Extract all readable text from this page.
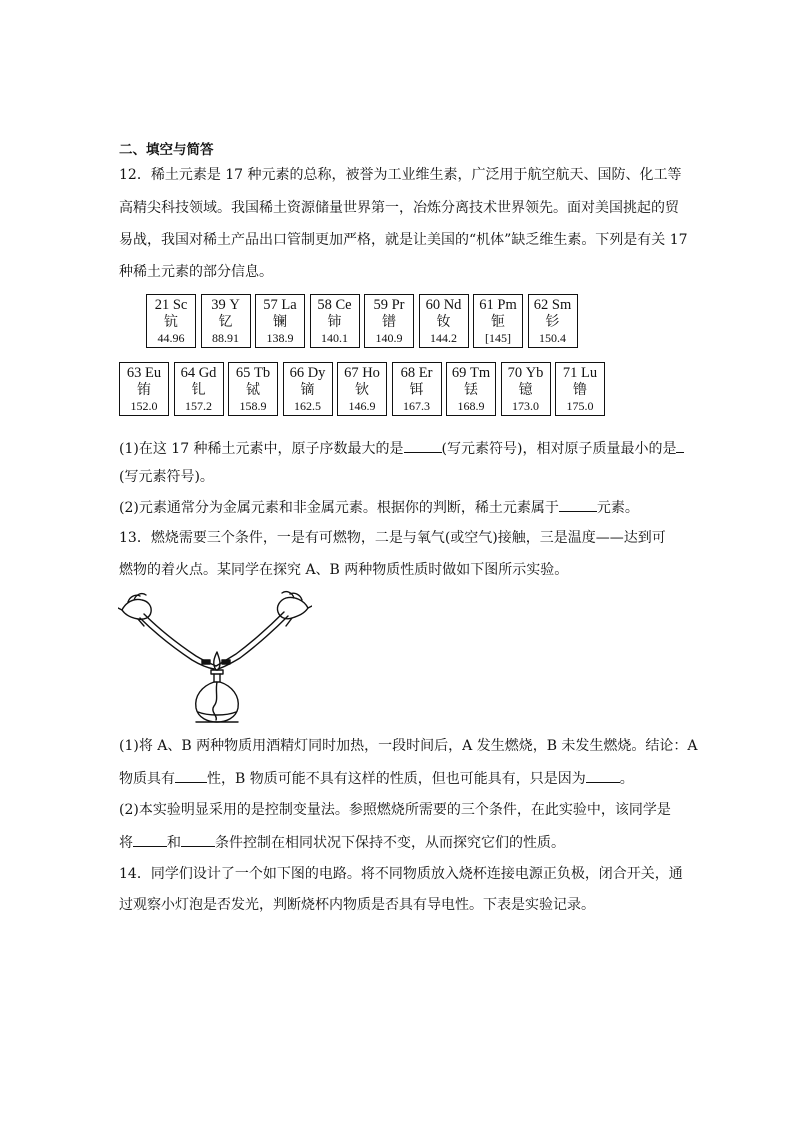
二、填空与简答
12．稀土元素是 17 种元素的总称，被誉为工业维生素，广泛用于航空航天、国防、化工等
高精尖科技领域。我国稀土资源储量世界第一，冶炼分离技术世界领先。面对美国挑起的贸
易战，我国对稀土产品出口管制更加严格，就是让美国的“机体”缺乏维生素。下列是有关 17
种稀土元素的部分信息。
21 Sc
钪
44.96
39 Y
钇
88.91
57 La
镧
138.9
58 Ce
铈
140.1
59 Pr
镨
140.9
60 Nd
钕
144.2
61 Pm
钷
[145]
62 Sm
钐
150.4
63 Eu
铕
152.0
64 Gd
钆
157.2
65 Tb
铽
158.9
66 Dy
镝
162.5
67 Ho
钬
146.9
68 Er
铒
167.3
69 Tm
铥
168.9
70 Yb
镱
173.0
71 Lu
镥
175.0
(1)在这 17 种稀土元素中，原子序数最大的是	(写元素符号)，相对原子质量最小的是
(写元素符号)。
(2)元素通常分为金属元素和非金属元素。根据你的判断，稀土元素属于	元素。
13．燃烧需要三个条件，一是有可燃物，二是与氧气(或空气)接触，三是温度——达到可
燃物的着火点。某同学在探究 A、B 两种物质性质时做如下图所示实验。
(1)将 A、B 两种物质用酒精灯同时加热，一段时间后，A 发生燃烧，B 未发生燃烧。结论：A
物质具有 性，B 物质可能不具有这样的性质，但也可能具有，只是因为 。
(2)本实验明显采用的是控制变量法。参照燃烧所需要的三个条件，在此实验中，该同学是
将 和 条件控制在相同状况下保持不变，从而探究它们的性质。
14．同学们设计了一个如下图的电路。将不同物质放入烧杯连接电源正负极，闭合开关，通
过观察小灯泡是否发光，判断烧杯内物质是否具有导电性。下表是实验记录。
